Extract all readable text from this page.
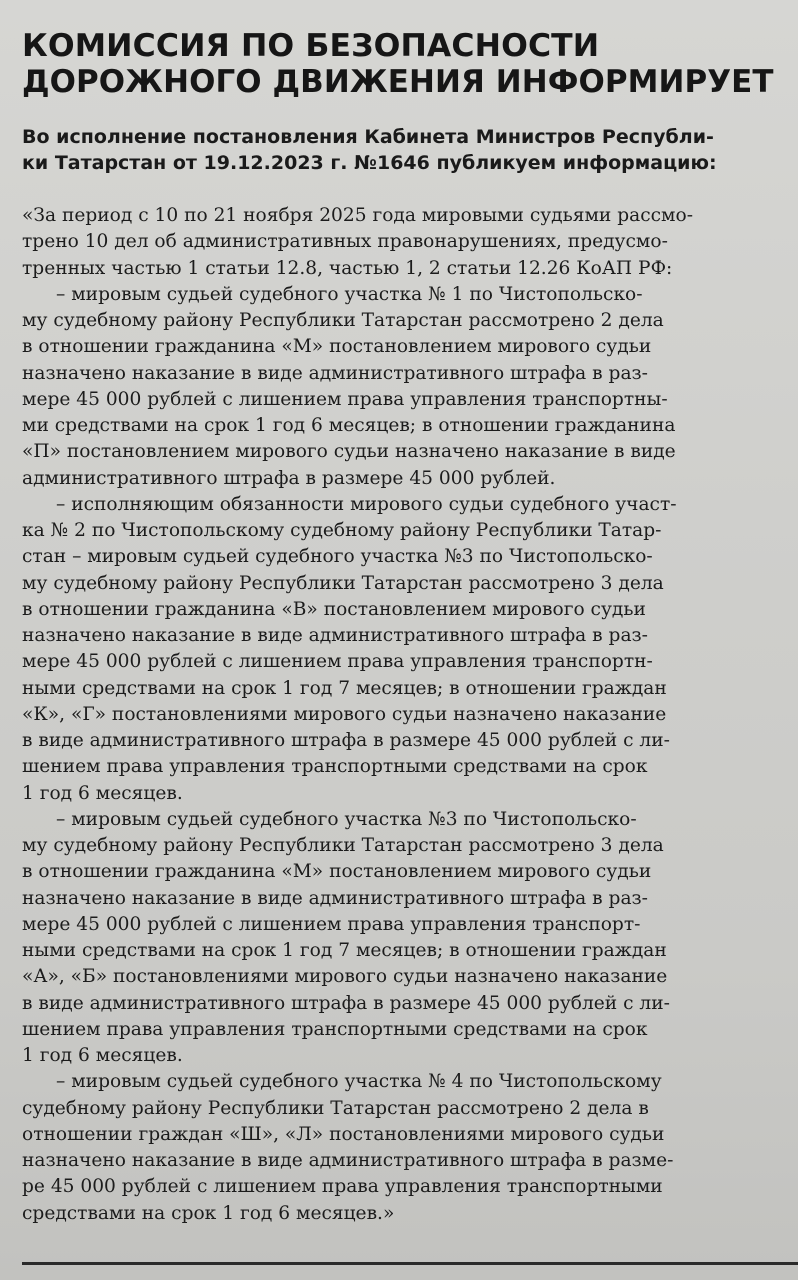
КОМИССИЯ ПО БЕЗОПАСНОСТИ
ДОРОЖНОГО ДВИЖЕНИЯ ИНФОРМИРУЕТ

Во исполнение постановления Кабинета Министров Республи-
ки Татарстан от 19.12.2023 г. №1646 публикуем информацию:

«За период с 10 по 21 ноября 2025 года мировыми судьями рассмо-
трено 10 дел об административных правонарушениях, предусмо-
тренных частью 1 статьи 12.8, частью 1, 2 статьи 12.26 КоАП РФ:
– мировым судьей судебного участка № 1 по Чистопольско-
му судебному району Республики Татарстан рассмотрено 2 дела
в отношении гражданина «М» постановлением мирового судьи
назначено наказание в виде административного штрафа в раз-
мере 45 000 рублей с лишением права управления транспортны-
ми средствами на срок 1 год 6 месяцев; в отношении гражданина
«П» постановлением мирового судьи назначено наказание в виде
административного штрафа в размере 45 000 рублей.
– исполняющим обязанности мирового судьи судебного участ-
ка № 2 по Чистопольскому судебному району Республики Татар-
стан – мировым судьей судебного участка №3 по Чистопольско-
му судебному району Республики Татарстан рассмотрено 3 дела
в отношении гражданина «В» постановлением мирового судьи
назначено наказание в виде административного штрафа в раз-
мере 45 000 рублей с лишением права управления транспортн-
ными средствами на срок 1 год 7 месяцев; в отношении граждан
«К», «Г» постановлениями мирового судьи назначено наказание
в виде административного штрафа в размере 45 000 рублей с ли-
шением права управления транспортными средствами на срок
1 год 6 месяцев.
– мировым судьей судебного участка №3 по Чистопольско-
му судебному району Республики Татарстан рассмотрено 3 дела
в отношении гражданина «М» постановлением мирового судьи
назначено наказание в виде административного штрафа в раз-
мере 45 000 рублей с лишением права управления транспорт-
ными средствами на срок 1 год 7 месяцев; в отношении граждан
«А», «Б» постановлениями мирового судьи назначено наказание
в виде административного штрафа в размере 45 000 рублей с ли-
шением права управления транспортными средствами на срок
1 год 6 месяцев.
– мировым судьей судебного участка № 4 по Чистопольскому
судебному району Республики Татарстан рассмотрено 2 дела в
отношении граждан «Ш», «Л» постановлениями мирового судьи
назначено наказание в виде административного штрафа в разме-
ре 45 000 рублей с лишением права управления транспортными
средствами на срок 1 год 6 месяцев.»
